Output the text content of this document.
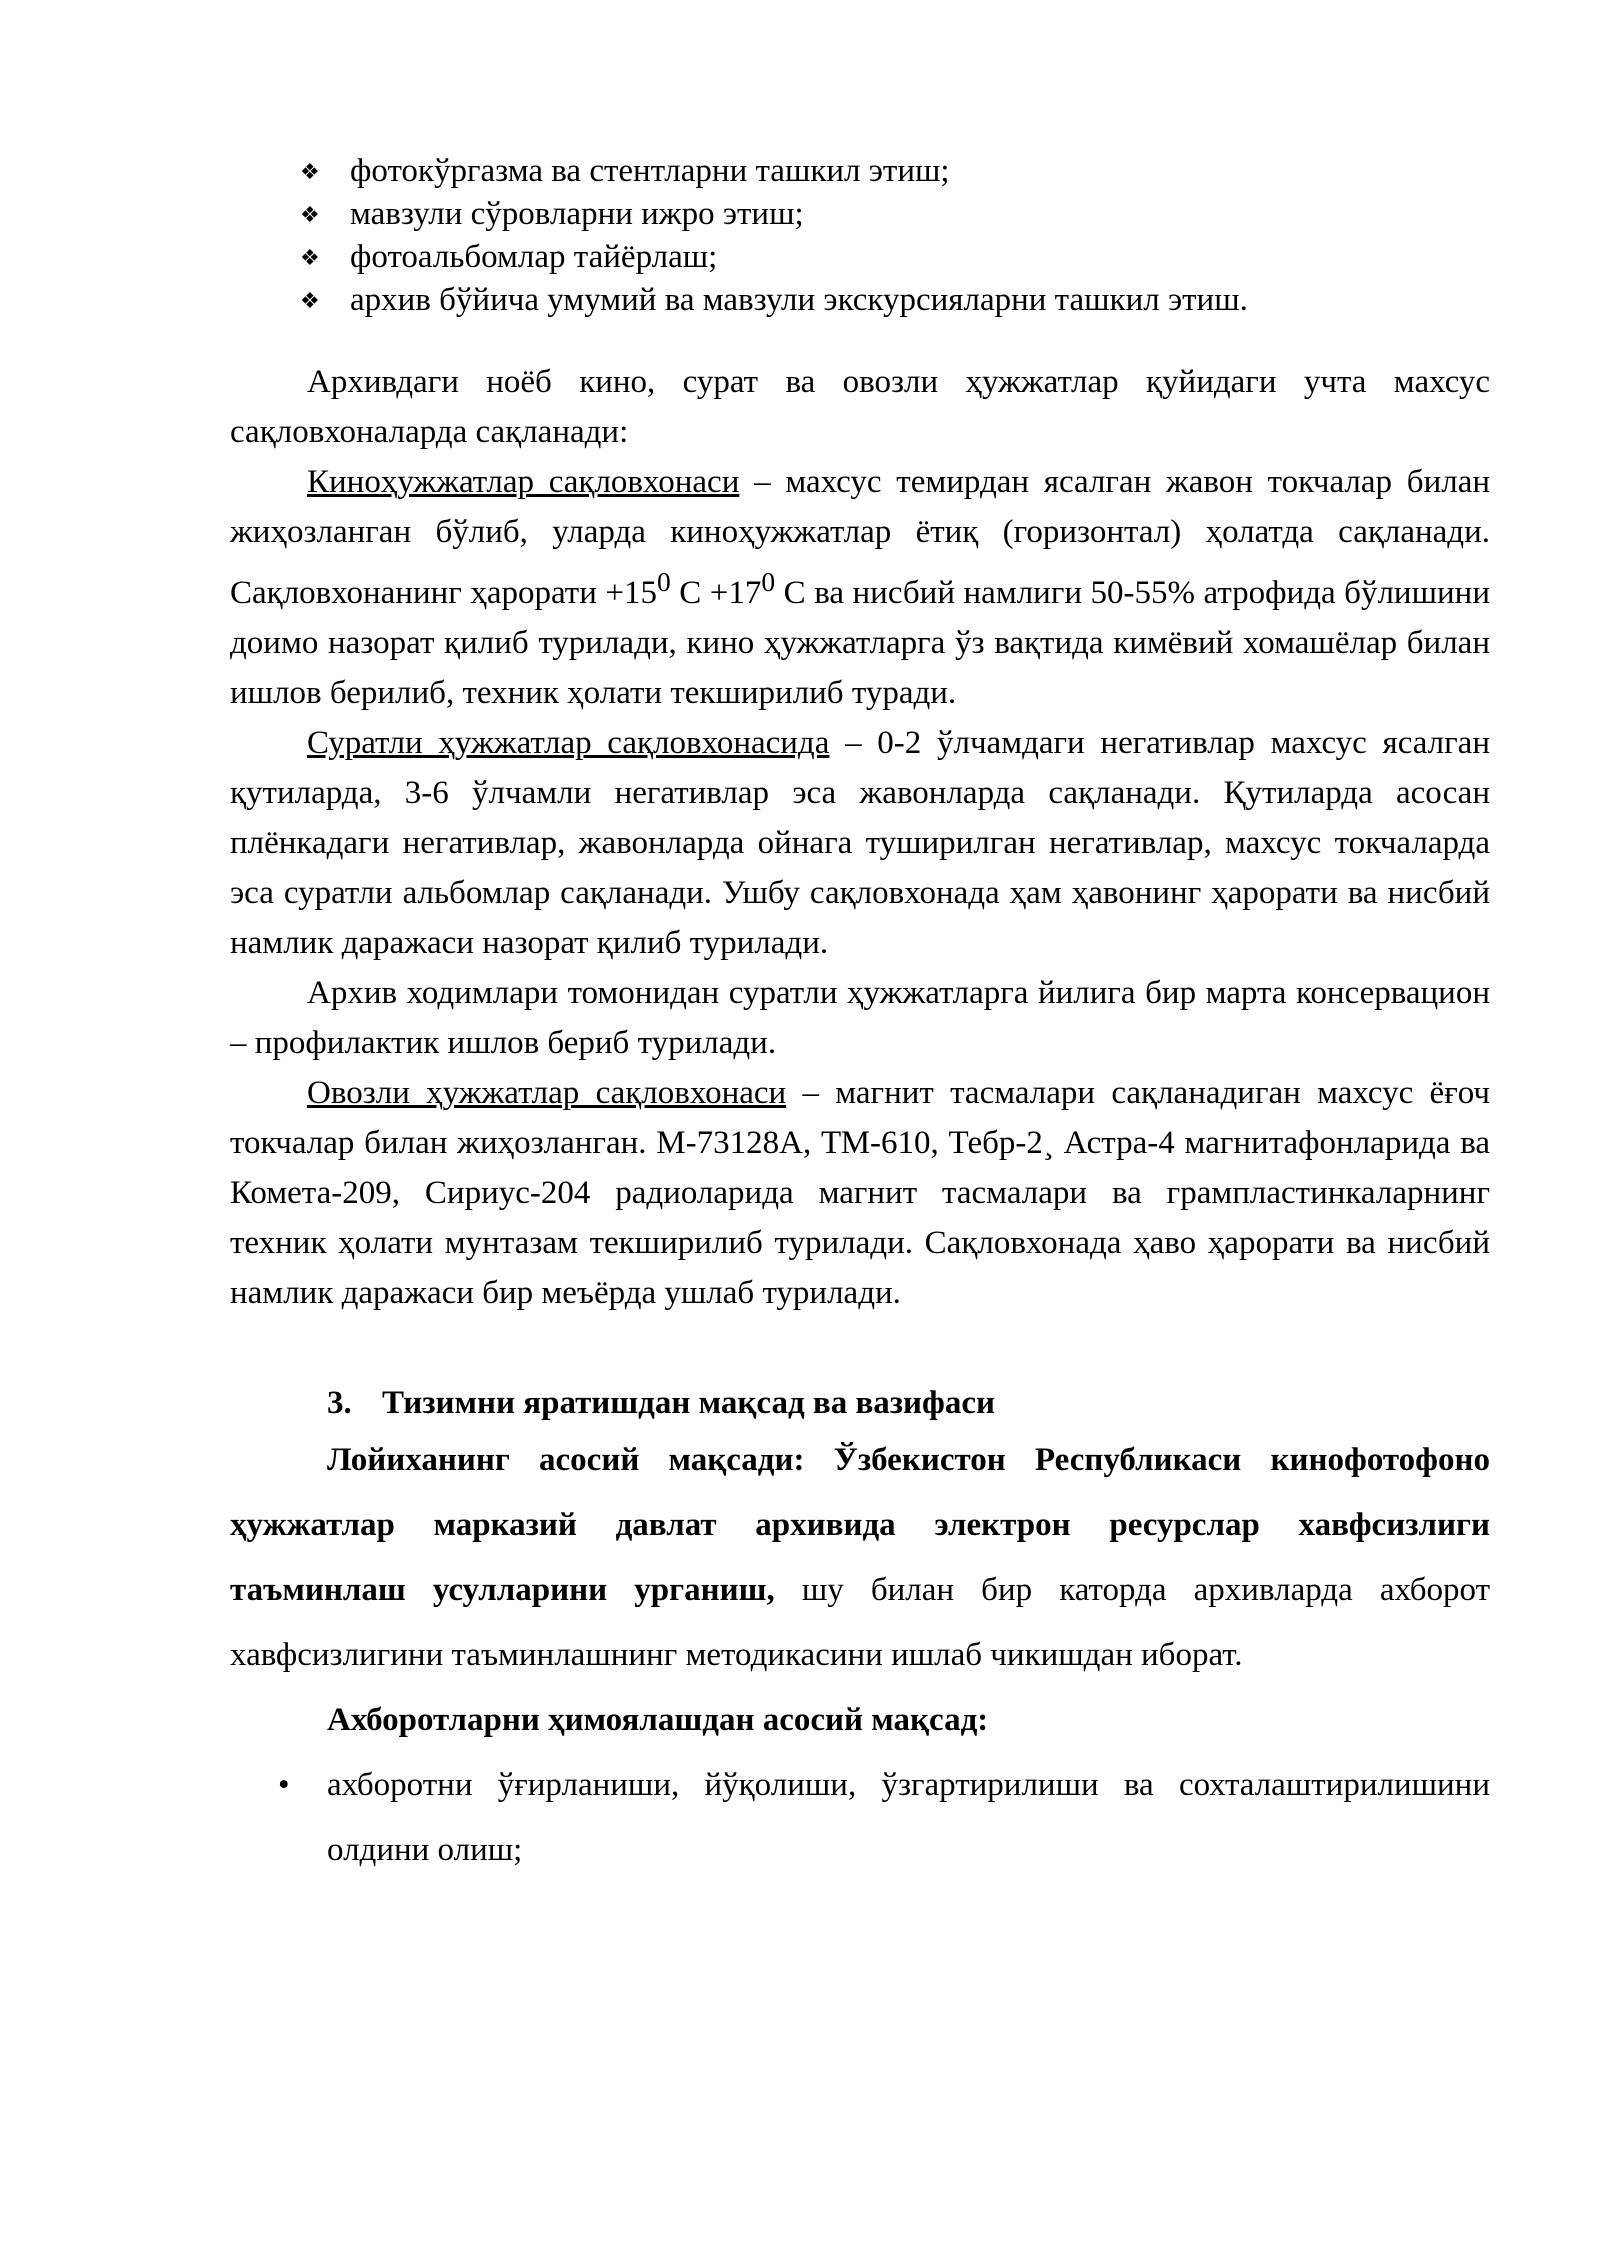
❖ фотокўргазма ва стентларни ташкил этиш;
❖ мавзули сўровларни ижро этиш;
❖ фотоальбомлар тайёрлаш;
❖ архив бўйича умумий ва мавзули экскурсияларни ташкил этиш.

Архивдаги ноёб кино, сурат ва овозли ҳужжатлар қуйидаги учта махсус сақловхоналарда сақланади:

Киноҳужжатлар сақловхонаси – махсус темирдан ясалган жавон токчалар билан жиҳозланган бўлиб, уларда киноҳужжатлар ётиқ (горизонтал) ҳолатда сақланади. Сақловхонанинг ҳарорати $+15^0$ $С +17^0$ С ва нисбий намлиги 50-55% атрофида бўлишини доимо назорат қилиб турилади, кино ҳужжатларга ўз вақтида кимёвий хомашёлар билан ишлов берилиб, техник ҳолати текширилиб туради.

Суратли ҳужжатлар сақловхонасида – 0-2 ўлчамдаги негативлар махсус ясалган қутиларда, 3-6 ўлчамли негативлар эса жавонларда сақланади. Қутиларда асосан плёнкадаги негативлар, жавонларда ойнага туширилган негативлар, махсус токчаларда эса суратли альбомлар сақланади. Ушбу сақловхонада ҳам ҳавонинг ҳарорати ва нисбий намлик даражаси назорат қилиб турилади.

Архив ходимлари томонидан суратли ҳужжатларга йилига бир марта консервацион – профилактик ишлов бериб турилади.

Овозли ҳужжатлар сақловхонаси – магнит тасмалари сақланадиган махсус ёғоч токчалар билан жиҳозланган. М-73128А, ТМ-610, Тебр-2¸ Астра-4 магнитафонларида ва Комета-209, Сириус-204 радиоларида магнит тасмалари ва грампластинкаларнинг техник ҳолати мунтазам текширилиб турилади. Сақловхонада ҳаво ҳарорати ва нисбий намлик даражаси бир меъёрда ушлаб турилади.

3. Тизимни яратишдан мақсад ва вазифаси

Лойиханинг асосий мақсади: Ўзбекистон Республикаси кинофотофоно ҳужжатлар марказий давлат архивида электрон ресурслар хавфсизлиги таъминлаш усулларини урганиш, шу билан бир каторда архивларда ахборот хавфсизлигини таъминлашнинг методикасини ишлаб чикишдан иборат.

Ахборотларни ҳимоялашдан асосий мақсад:

• ахборотни ўғирланиши, йўқолиши, ўзгартирилиши ва сохталаштирилишини олдини олиш;
